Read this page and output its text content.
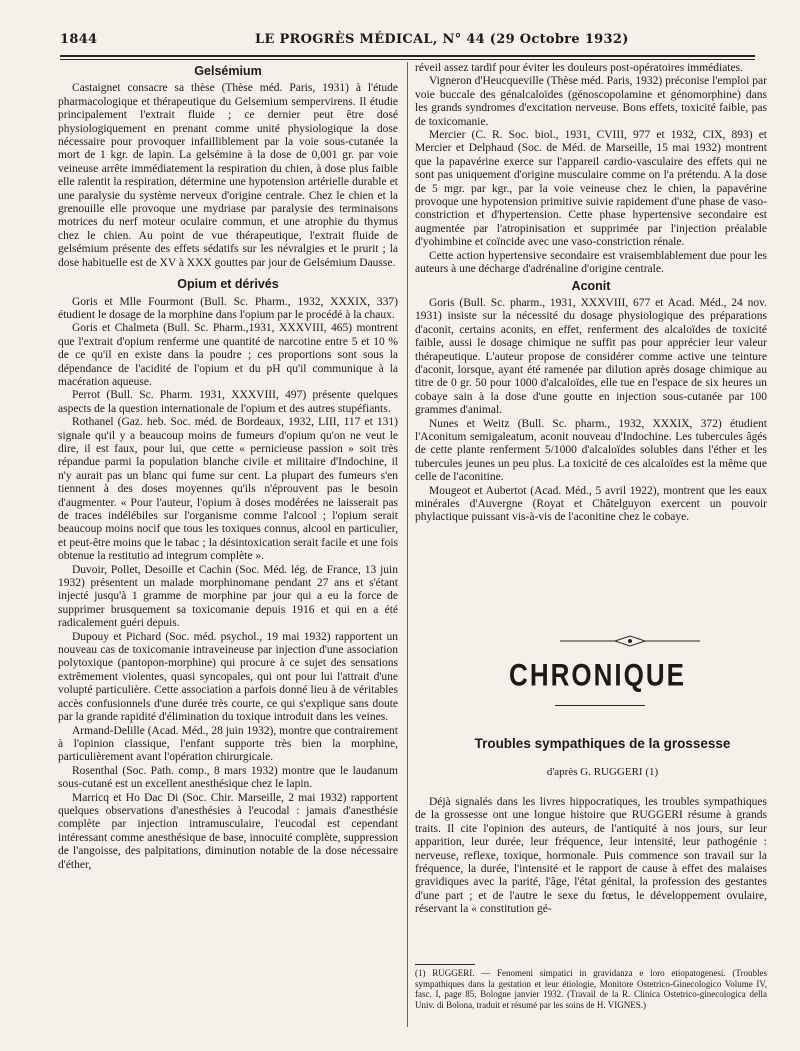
1844	LE PROGRÈS MÉDICAL, N° 44 (29 Octobre 1932)
Gelsémium

Castaignet consacre sa thèse (Thèse méd. Paris, 1931) à l'étude pharmacologique et thérapeutique du Gelsemium sempervirens. Il étudie principalement l'extrait fluide ; ce dernier peut être dosé physiologiquement en prenant comme unité physiologique la dose nécessaire pour provoquer infailliblement par la voie sous-cutanée la mort de 1 kgr. de lapin. La gelsémine à la dose de 0,001 gr. par voie veineuse arrête immédiatement la respiration du chien, à dose plus faible elle ralentit la respiration, détermine une hypotension artérielle durable et une paralysie du système nerveux d'origine centrale. Chez le chien et la grenouille elle provoque une mydriase par paralysie des terminaisons motrices du nerf moteur oculaire commun, et une atrophie du thymus chez le chien. Au point de vue thérapeutique, l'extrait fluide de gelsémium présente des effets sédatifs sur les névralgies et le prurit ; la dose habituelle est de XV à XXX gouttes par jour de Gelsémium Dausse.

Opium et dérivés

Goris et Mlle Fourmont (Bull. Sc. Pharm., 1932, XXXIX, 337) étudient le dosage de la morphine dans l'opium par le procédé à la chaux.

Goris et Chalmeta (Bull. Sc. Pharm.,1931, XXXVIII, 465) montrent que l'extrait d'opium renferme une quantité de narcotine entre 5 et 10 % de ce qu'il en existe dans la poudre ; ces proportions sont sous la dépendance de l'acidité de l'opium et du pH qu'il communique à la macération aqueuse.

Perrot (Bull. Sc. Pharm. 1931, XXXVIII, 497) présente quelques aspects de la question internationale de l'opium et des autres stupéfiants.

Rothanel (Gaz. heb. Soc. méd. de Bordeaux, 1932, LIII, 117 et 131) signale qu'il y a beaucoup moins de fumeurs d'opium qu'on ne veut le dire, il est faux, pour lui, que cette « pernicieuse passion » soit très répandue parmi la population blanche civile et militaire d'Indochine, il n'y aurait pas un blanc qui fume sur cent. La plupart des fumeurs s'en tiennent à des doses moyennes qu'ils n'éprouvent pas le besoin d'augmenter. « Pour l'auteur, l'opium à doses modérées ne laisserait pas de traces indélébiles sur l'organisme comme l'alcool ; l'opium serait beaucoup moins nocif que tous les toxiques connus, alcool en particulier, et peut-être moins que le tabac ; la désintoxication serait facile et une fois obtenue la restitutio ad integrum complète ».

Duvoir, Pollet, Desoille et Cachin (Soc. Méd. lég. de France, 13 juin 1932) présentent un malade morphinomane pendant 27 ans et s'étant injecté jusqu'à 1 gramme de morphine par jour qui a eu la force de supprimer brusquement sa toxicomanie depuis 1916 et qui en a été radicalement guéri depuis.

Dupouy et Pichard (Soc. méd. psychol., 19 mai 1932) rapportent un nouveau cas de toxicomanie intraveineuse par injection d'une association polytoxique (pantopon-morphine) qui procure à ce sujet des sensations extrêmement violentes, quasi syncopales, qui ont pour lui l'attrait d'une volupté particulière. Cette association a parfois donné lieu à de véritables accès confusionnels d'une durée très courte, ce qui s'explique sans doute par la grande rapidité d'élimination du toxique introduit dans les veines.

Armand-Delille (Acad. Méd., 28 juin 1932), montre que contrairement à l'opinion classique, l'enfant supporte très bien la morphine, particulièrement avant l'opération chirurgicale.

Rosenthal (Soc. Path. comp., 8 mars 1932) montre que le laudanum sous-cutané est un excellent anesthésique chez le lapin.

Marricq et Ho Dac Di (Soc. Chir. Marseille, 2 mai 1932) rapportent quelques observations d'anesthésies à l'eucodal : jamais d'anesthésie complète par injection intramusculaire, l'eucodal est cependant intéressant comme anesthésique de base, innocuité complète, suppression de l'angoisse, des palpitations, diminution notable de la dose nécessaire d'éther,

réveil assez tardif pour éviter les douleurs post-opératoires immédiates.

Vigneron d'Heucqueville (Thèse méd. Paris, 1932) préconise l'emploi par voie buccale des génalcaloïdes (génoscopolamine et génomorphine) dans les grands syndromes d'excitation nerveuse. Bons effets, toxicité faible, pas de toxicomanie.

Mercier (C. R. Soc. biol., 1931, CVIII, 977 et 1932, CIX, 893) et Mercier et Delphaud (Soc. de Méd. de Marseille, 15 mai 1932) montrent que la papavérine exerce sur l'appareil cardio-vasculaire des effets qui ne sont pas uniquement d'origine musculaire comme on l'a prétendu. A la dose de 5 mgr. par kgr., par la voie veineuse chez le chien, la papavérine provoque une hypotension primitive suivie rapidement d'une phase de vaso-constriction et d'hypertension. Cette phase hypertensive secondaire est augmentée par l'atropinisation et supprimée par l'injection préalable d'yohimbine et coïncide avec une vaso-constriction rénale.

Cette action hypertensive secondaire est vraisemblablement due pour les auteurs à une décharge d'adrénaline d'origine centrale.

Aconit

Goris (Bull. Sc. pharm., 1931, XXXVIII, 677 et Acad. Méd., 24 nov. 1931) insiste sur la nécessité du dosage physiologique des préparations d'aconit, certains aconits, en effet, renferment des alcaloïdes de toxicité faible, aussi le dosage chimique ne suffit pas pour apprécier leur valeur thérapeutique. L'auteur propose de considérer comme active une teinture d'aconit, lorsque, ayant été ramenée par dilution après dosage chimique au titre de 0 gr. 50 pour 1000 d'alcaloïdes, elle tue en l'espace de six heures un cobaye sain à la dose d'une goutte en injection sous-cutanée par 100 grammes d'animal.

Nunes et Weitz (Bull. Sc. pharm., 1932, XXXIX, 372) étudient l'Aconitum semigaleatum, aconit nouveau d'Indochine. Les tubercules âgés de cette plante renferment 5/1000 d'alcaloïdes solubles dans l'éther et les tubercules jeunes un peu plus. La toxicité de ces alcaloïdes est la même que celle de l'aconitine.

Mougeot et Aubertot (Acad. Méd., 5 avril 1922), montrent que les eaux minérales d'Auvergne (Royat et Châtelguyon exercent un pouvoir phylactique puissant vis-à-vis de l'aconitine chez le cobaye.

CHRONIQUE
Troubles sympathiques de la grossesse
d'après G. RUGGERI (1)

Déjà signalés dans les livres hippocratiques, les troubles sympathiques de la grossesse ont une longue histoire que RUGGERI résume à grands traits. Il cite l'opinion des auteurs, de l'antiquité à nos jours, sur leur apparition, leur durée, leur fréquence, leur intensité, leur pathogénie : nerveuse, reflexe, toxique, hormonale. Puis commence son travail sur la fréquence, la durée, l'intensité et le rapport de cause à effet des malaises gravidiques avec la parité, l'âge, l'état génital, la profession des gestantes d'une part ; et de l'autre le sexe du fœtus, le développement ovulaire, réservant la « constitution gé-

(1) RUGGERI. — Fenomeni simpatici in gravidanza e loro etiopatogenesi. (Troubles sympathiques dans la gestation et leur étiologie, Monitore Ostetrico-Ginecologico Volume IV, fasc. I, page 85, Bologne janvier 1932. (Travail de la R. Clinica Ostetrico-ginecologica della Univ. di Bolona, traduit et résumé par les soins de H. VIGNES.)
